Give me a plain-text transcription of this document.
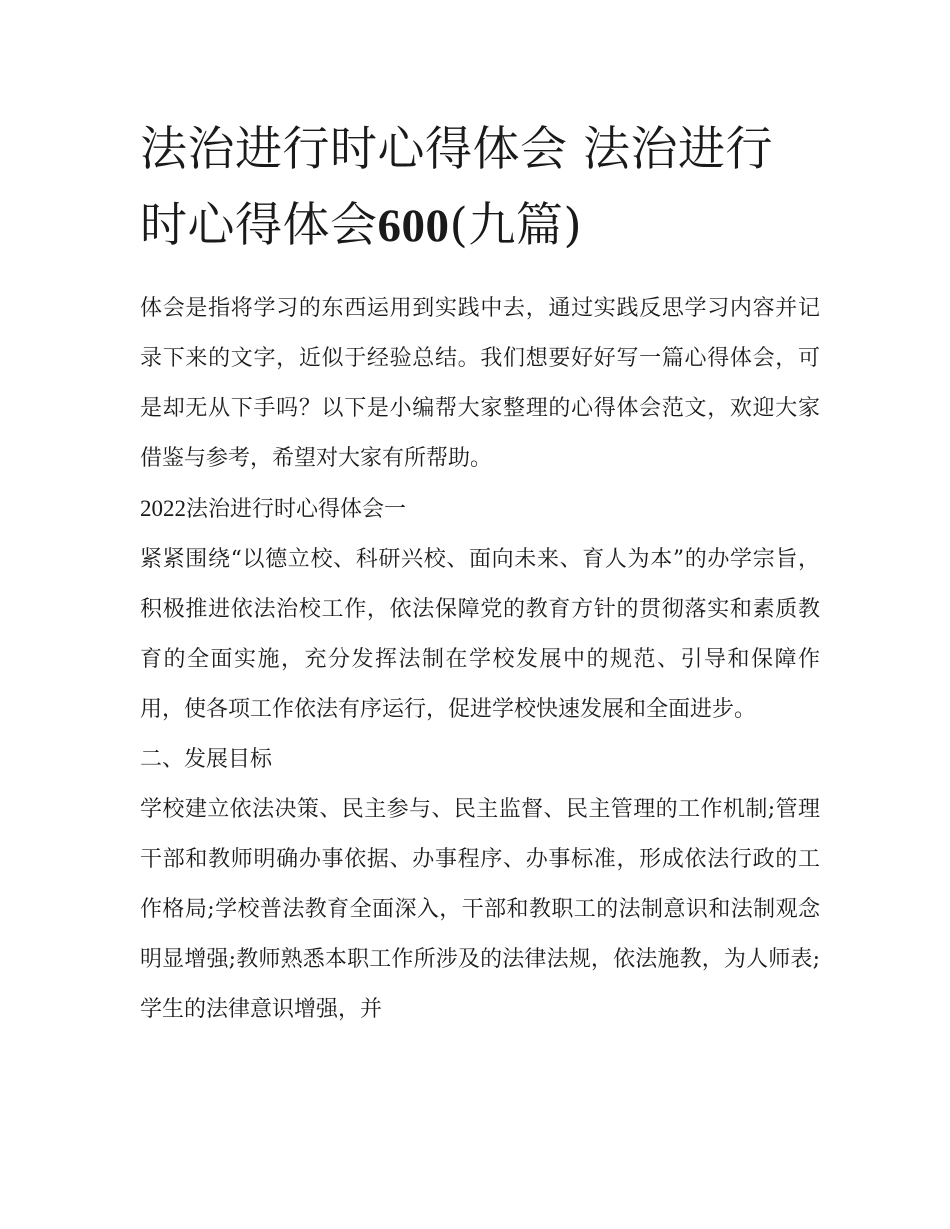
法治进行时心得体会 法治进行时心得体会600(九篇)

体会是指将学习的东西运用到实践中去，通过实践反思学习内容并记录下来的文字，近似于经验总结。我们想要好好写一篇心得体会，可是却无从下手吗？以下是小编帮大家整理的心得体会范文，欢迎大家借鉴与参考，希望对大家有所帮助。

2022法治进行时心得体会一

紧紧围绕“以德立校、科研兴校、面向未来、育人为本”的办学宗旨，积极推进依法治校工作，依法保障党的教育方针的贯彻落实和素质教育的全面实施，充分发挥法制在学校发展中的规范、引导和保障作用，使各项工作依法有序运行，促进学校快速发展和全面进步。

二、发展目标

学校建立依法决策、民主参与、民主监督、民主管理的工作机制;管理干部和教师明确办事依据、办事程序、办事标准，形成依法行政的工作格局;学校普法教育全面深入，干部和教职工的法制意识和法制观念明显增强;教师熟悉本职工作所涉及的法律法规，依法施教，为人师表;学生的法律意识增强，并
